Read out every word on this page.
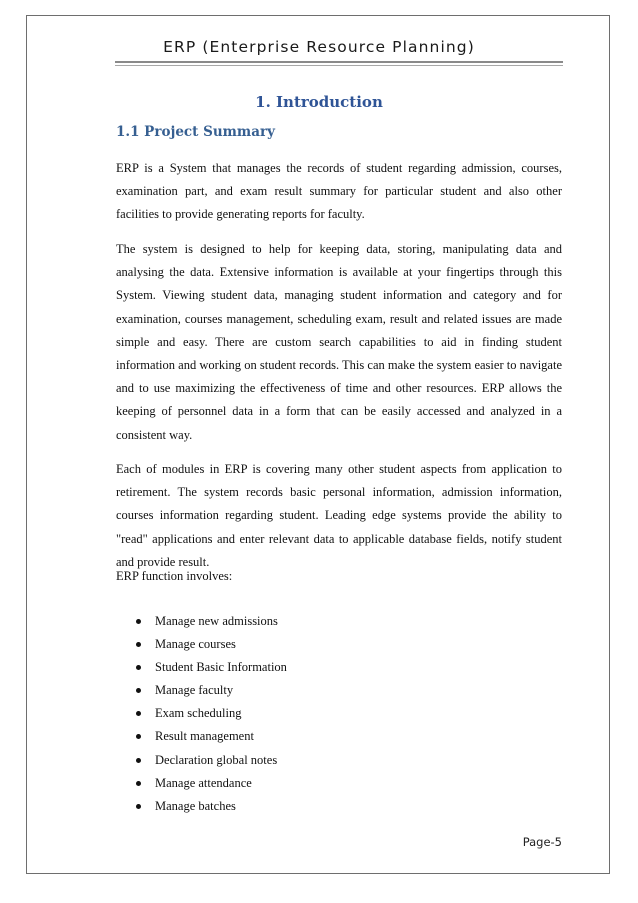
ERP (Enterprise Resource Planning)
1. Introduction
1.1 Project Summary

ERP is a System that manages the records of student regarding admission, courses, examination part, and exam result summary for particular student and also other facilities to provide generating reports for faculty.

The system is designed to help for keeping data, storing, manipulating data and analysing the data. Extensive information is available at your fingertips through this System. Viewing student data, managing student information and category and for examination, courses management, scheduling exam, result and related issues are made simple and easy. There are custom search capabilities to aid in finding student information and working on student records. This can make the system easier to navigate and to use maximizing the effectiveness of time and other resources. ERP allows the keeping of personnel data in a form that can be easily accessed and analyzed in a consistent way.

Each of modules in ERP is covering many other student aspects from application to retirement. The system records basic personal information, admission information, courses information regarding student. Leading edge systems provide the ability to "read" applications and enter relevant data to applicable database fields, notify student and provide result.

ERP function involves:

Manage new admissions
Manage courses
Student Basic Information
Manage faculty
Exam scheduling
Result management
Declaration global notes
Manage attendance
Manage batches
Page-5
